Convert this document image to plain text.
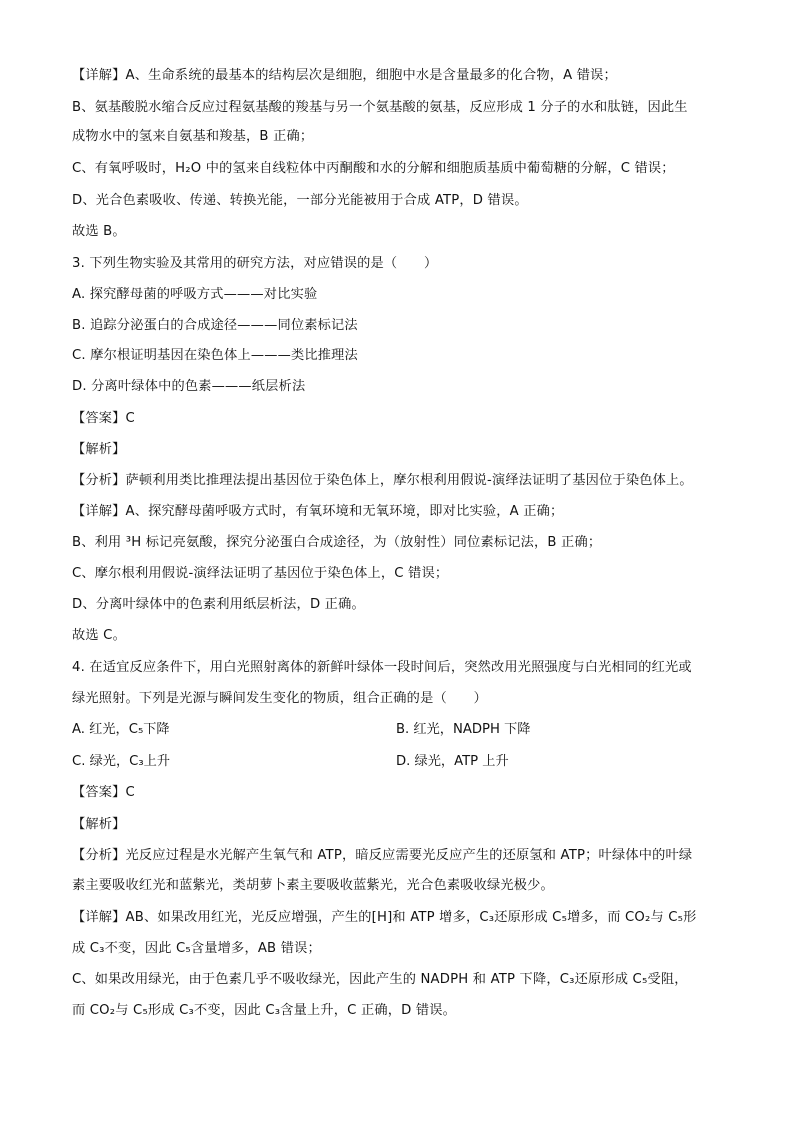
【详解】A、生命系统的最基本的结构层次是细胞，细胞中水是含量最多的化合物，A 错误；
B、氨基酸脱水缩合反应过程氨基酸的羧基与另一个氨基酸的氨基，反应形成 1 分子的水和肽链，因此生
成物水中的氢来自氨基和羧基，B 正确；
C、有氧呼吸时，H₂O 中的氢来自线粒体中丙酮酸和水的分解和细胞质基质中葡萄糖的分解，C 错误；
D、光合色素吸收、传递、转换光能，一部分光能被用于合成 ATP，D 错误。
故选 B。
3. 下列生物实验及其常用的研究方法，对应错误的是（　　）
A. 探究酵母菌的呼吸方式———对比实验
B. 追踪分泌蛋白的合成途径———同位素标记法
C. 摩尔根证明基因在染色体上———类比推理法
D. 分离叶绿体中的色素———纸层析法
【答案】C
【解析】
【分析】萨顿利用类比推理法提出基因位于染色体上，摩尔根利用假说-演绎法证明了基因位于染色体上。
【详解】A、探究酵母菌呼吸方式时，有氧环境和无氧环境，即对比实验，A 正确；
B、利用 ³H 标记亮氨酸，探究分泌蛋白合成途径，为（放射性）同位素标记法，B 正确；
C、摩尔根利用假说-演绎法证明了基因位于染色体上，C 错误；
D、分离叶绿体中的色素利用纸层析法，D 正确。
故选 C。
4. 在适宜反应条件下，用白光照射离体的新鲜叶绿体一段时间后，突然改用光照强度与白光相同的红光或
绿光照射。下列是光源与瞬间发生变化的物质，组合正确的是（　　）
A. 红光，C₅下降	B. 红光，NADPH 下降
C. 绿光，C₃上升	D. 绿光，ATP 上升
【答案】C
【解析】
【分析】光反应过程是水光解产生氧气和 ATP，暗反应需要光反应产生的还原氢和 ATP；叶绿体中的叶绿
素主要吸收红光和蓝紫光，类胡萝卜素主要吸收蓝紫光，光合色素吸收绿光极少。
【详解】AB、如果改用红光，光反应增强，产生的[H]和 ATP 增多，C₃还原形成 C₅增多，而 CO₂与 C₅形
成 C₃不变，因此 C₅含量增多，AB 错误；
C、如果改用绿光，由于色素几乎不吸收绿光，因此产生的 NADPH 和 ATP 下降，C₃还原形成 C₅受阻，
而 CO₂与 C₅形成 C₃不变，因此 C₃含量上升，C 正确，D 错误。
